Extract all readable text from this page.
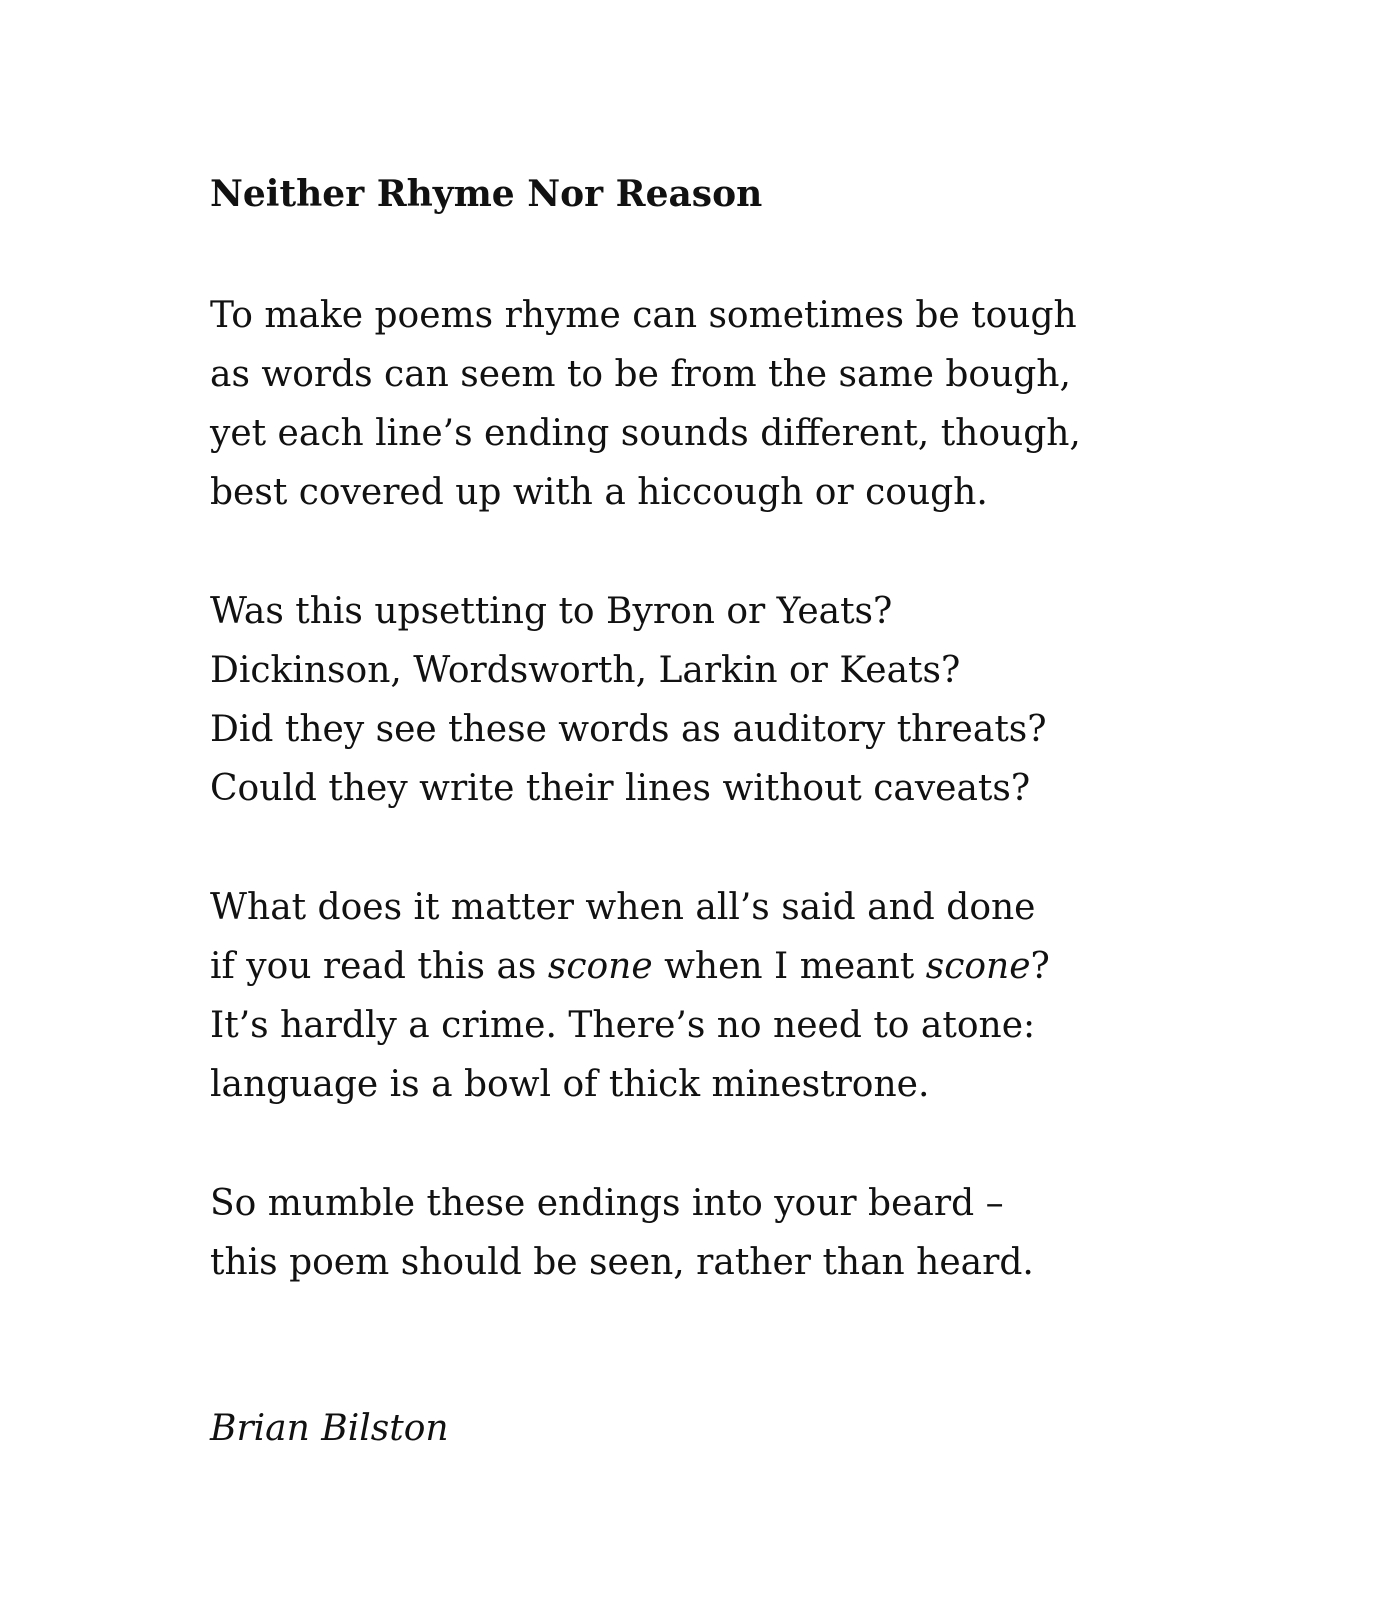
Neither Rhyme Nor Reason
To make poems rhyme can sometimes be tough
as words can seem to be from the same bough,
yet each line’s ending sounds different, though,
best covered up with a hiccough or cough.
Was this upsetting to Byron or Yeats?
Dickinson, Wordsworth, Larkin or Keats?
Did they see these words as auditory threats?
Could they write their lines without caveats?
What does it matter when all’s said and done
if you read this as scone when I meant scone?
It’s hardly a crime. There’s no need to atone:
language is a bowl of thick minestrone.
So mumble these endings into your beard –
this poem should be seen, rather than heard.
Brian Bilston
